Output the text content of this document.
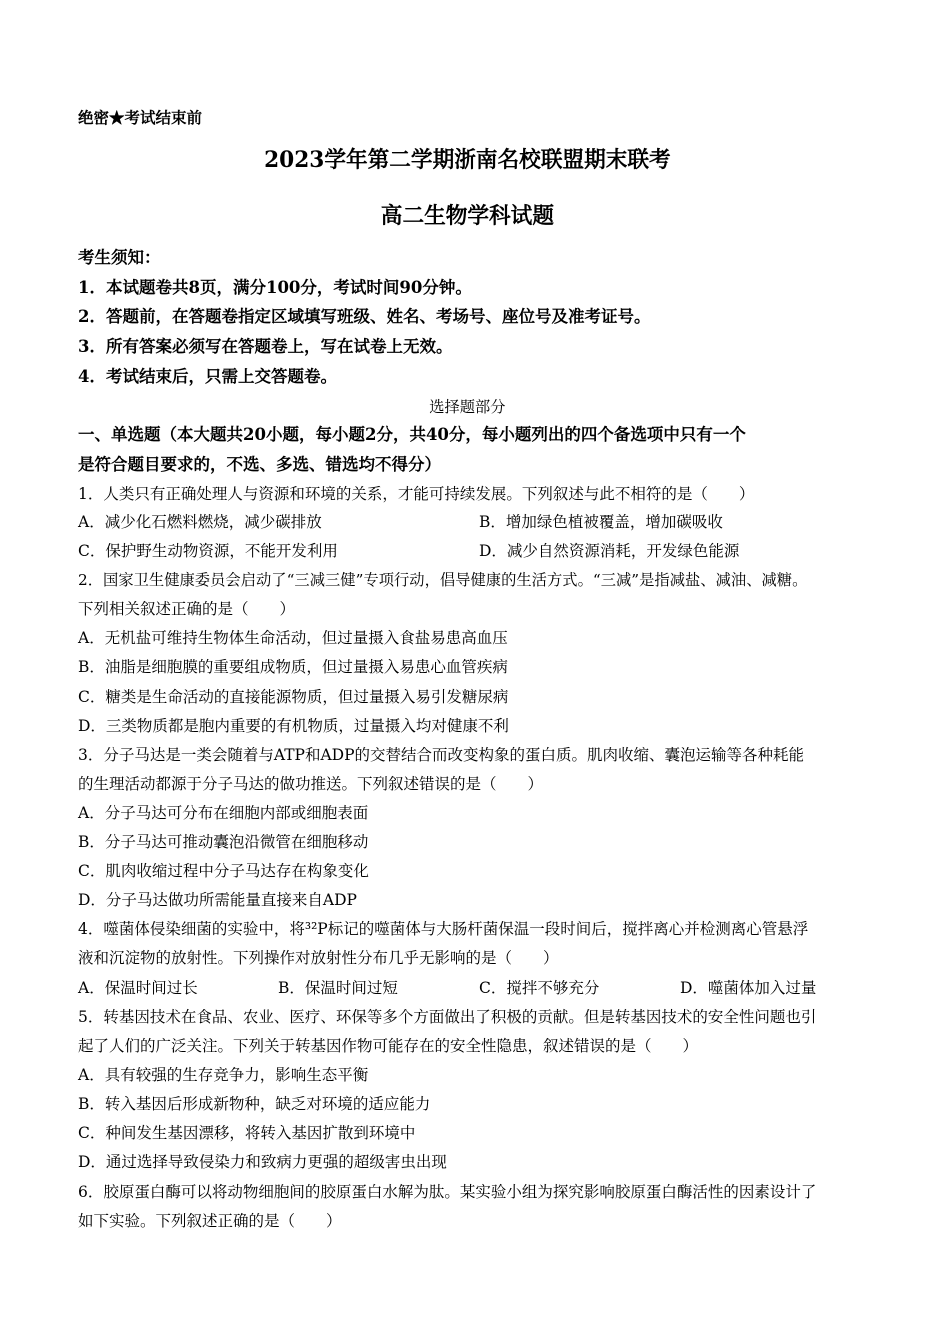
绝密★考试结束前
2023学年第二学期浙南名校联盟期末联考
高二生物学科试题
考生须知：
1．本试题卷共8页，满分100分，考试时间90分钟。
2．答题前，在答题卷指定区域填写班级、姓名、考场号、座位号及准考证号。
3．所有答案必须写在答题卷上，写在试卷上无效。
4．考试结束后，只需上交答题卷。
选择题部分
一、单选题（本大题共20小题，每小题2分，共40分，每小题列出的四个备选项中只有一个
是符合题目要求的，不选、多选、错选均不得分）
1．人类只有正确处理人与资源和环境的关系，才能可持续发展。下列叙述与此不相符的是（　　）
A．减少化石燃料燃烧，减少碳排放	B．增加绿色植被覆盖，增加碳吸收
C．保护野生动物资源，不能开发利用	D．减少自然资源消耗，开发绿色能源
2．国家卫生健康委员会启动了“三减三健”专项行动，倡导健康的生活方式。“三减”是指减盐、减油、减糖。
下列相关叙述正确的是（　　）
A．无机盐可维持生物体生命活动，但过量摄入食盐易患高血压
B．油脂是细胞膜的重要组成物质，但过量摄入易患心血管疾病
C．糖类是生命活动的直接能源物质，但过量摄入易引发糖尿病
D．三类物质都是胞内重要的有机物质，过量摄入均对健康不利
3．分子马达是一类会随着与ATP和ADP的交替结合而改变构象的蛋白质。肌肉收缩、囊泡运输等各种耗能
的生理活动都源于分子马达的做功推送。下列叙述错误的是（　　）
A．分子马达可分布在细胞内部或细胞表面
B．分子马达可推动囊泡沿微管在细胞移动
C．肌肉收缩过程中分子马达存在构象变化
D．分子马达做功所需能量直接来自ADP
4．噬菌体侵染细菌的实验中，将³²P标记的噬菌体与大肠杆菌保温一段时间后，搅拌离心并检测离心管悬浮
液和沉淀物的放射性。下列操作对放射性分布几乎无影响的是（　　）
A．保温时间过长	B．保温时间过短	C．搅拌不够充分	D．噬菌体加入过量
5．转基因技术在食品、农业、医疗、环保等多个方面做出了积极的贡献。但是转基因技术的安全性问题也引
起了人们的广泛关注。下列关于转基因作物可能存在的安全性隐患，叙述错误的是（　　）
A．具有较强的生存竞争力，影响生态平衡
B．转入基因后形成新物种，缺乏对环境的适应能力
C．种间发生基因漂移，将转入基因扩散到环境中
D．通过选择导致侵染力和致病力更强的超级害虫出现
6．胶原蛋白酶可以将动物细胞间的胶原蛋白水解为肽。某实验小组为探究影响胶原蛋白酶活性的因素设计了
如下实验。下列叙述正确的是（　　）
